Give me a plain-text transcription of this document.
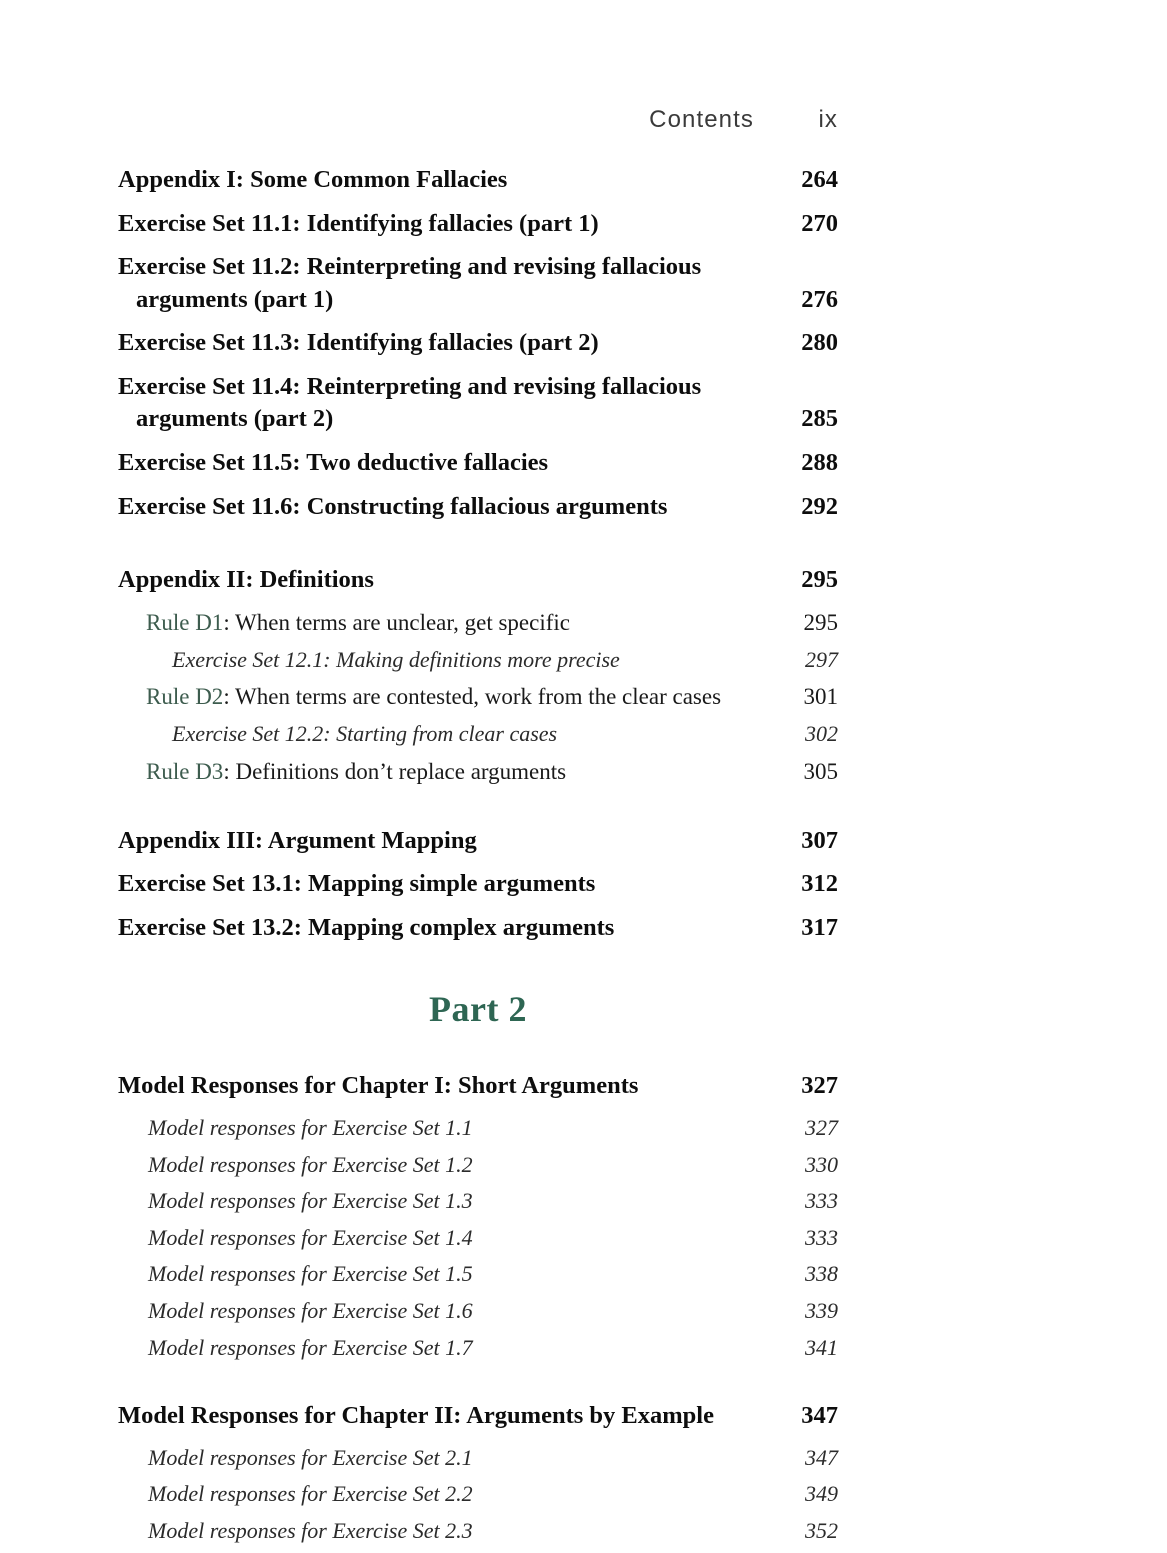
Contents	ix
Appendix I: Some Common Fallacies	264
Exercise Set 11.1: Identifying fallacies (part 1)	270
Exercise Set 11.2: Reinterpreting and revising fallacious arguments (part 1)	276
Exercise Set 11.3: Identifying fallacies (part 2)	280
Exercise Set 11.4: Reinterpreting and revising fallacious arguments (part 2)	285
Exercise Set 11.5: Two deductive fallacies	288
Exercise Set 11.6: Constructing fallacious arguments	292
Appendix II: Definitions	295
Rule D1: When terms are unclear, get specific	295
Exercise Set 12.1: Making definitions more precise	297
Rule D2: When terms are contested, work from the clear cases	301
Exercise Set 12.2: Starting from clear cases	302
Rule D3: Definitions don’t replace arguments	305
Appendix III: Argument Mapping	307
Exercise Set 13.1: Mapping simple arguments	312
Exercise Set 13.2: Mapping complex arguments	317
Part 2
Model Responses for Chapter I: Short Arguments	327
Model responses for Exercise Set 1.1	327
Model responses for Exercise Set 1.2	330
Model responses for Exercise Set 1.3	333
Model responses for Exercise Set 1.4	333
Model responses for Exercise Set 1.5	338
Model responses for Exercise Set 1.6	339
Model responses for Exercise Set 1.7	341
Model Responses for Chapter II: Arguments by Example	347
Model responses for Exercise Set 2.1	347
Model responses for Exercise Set 2.2	349
Model responses for Exercise Set 2.3	352
